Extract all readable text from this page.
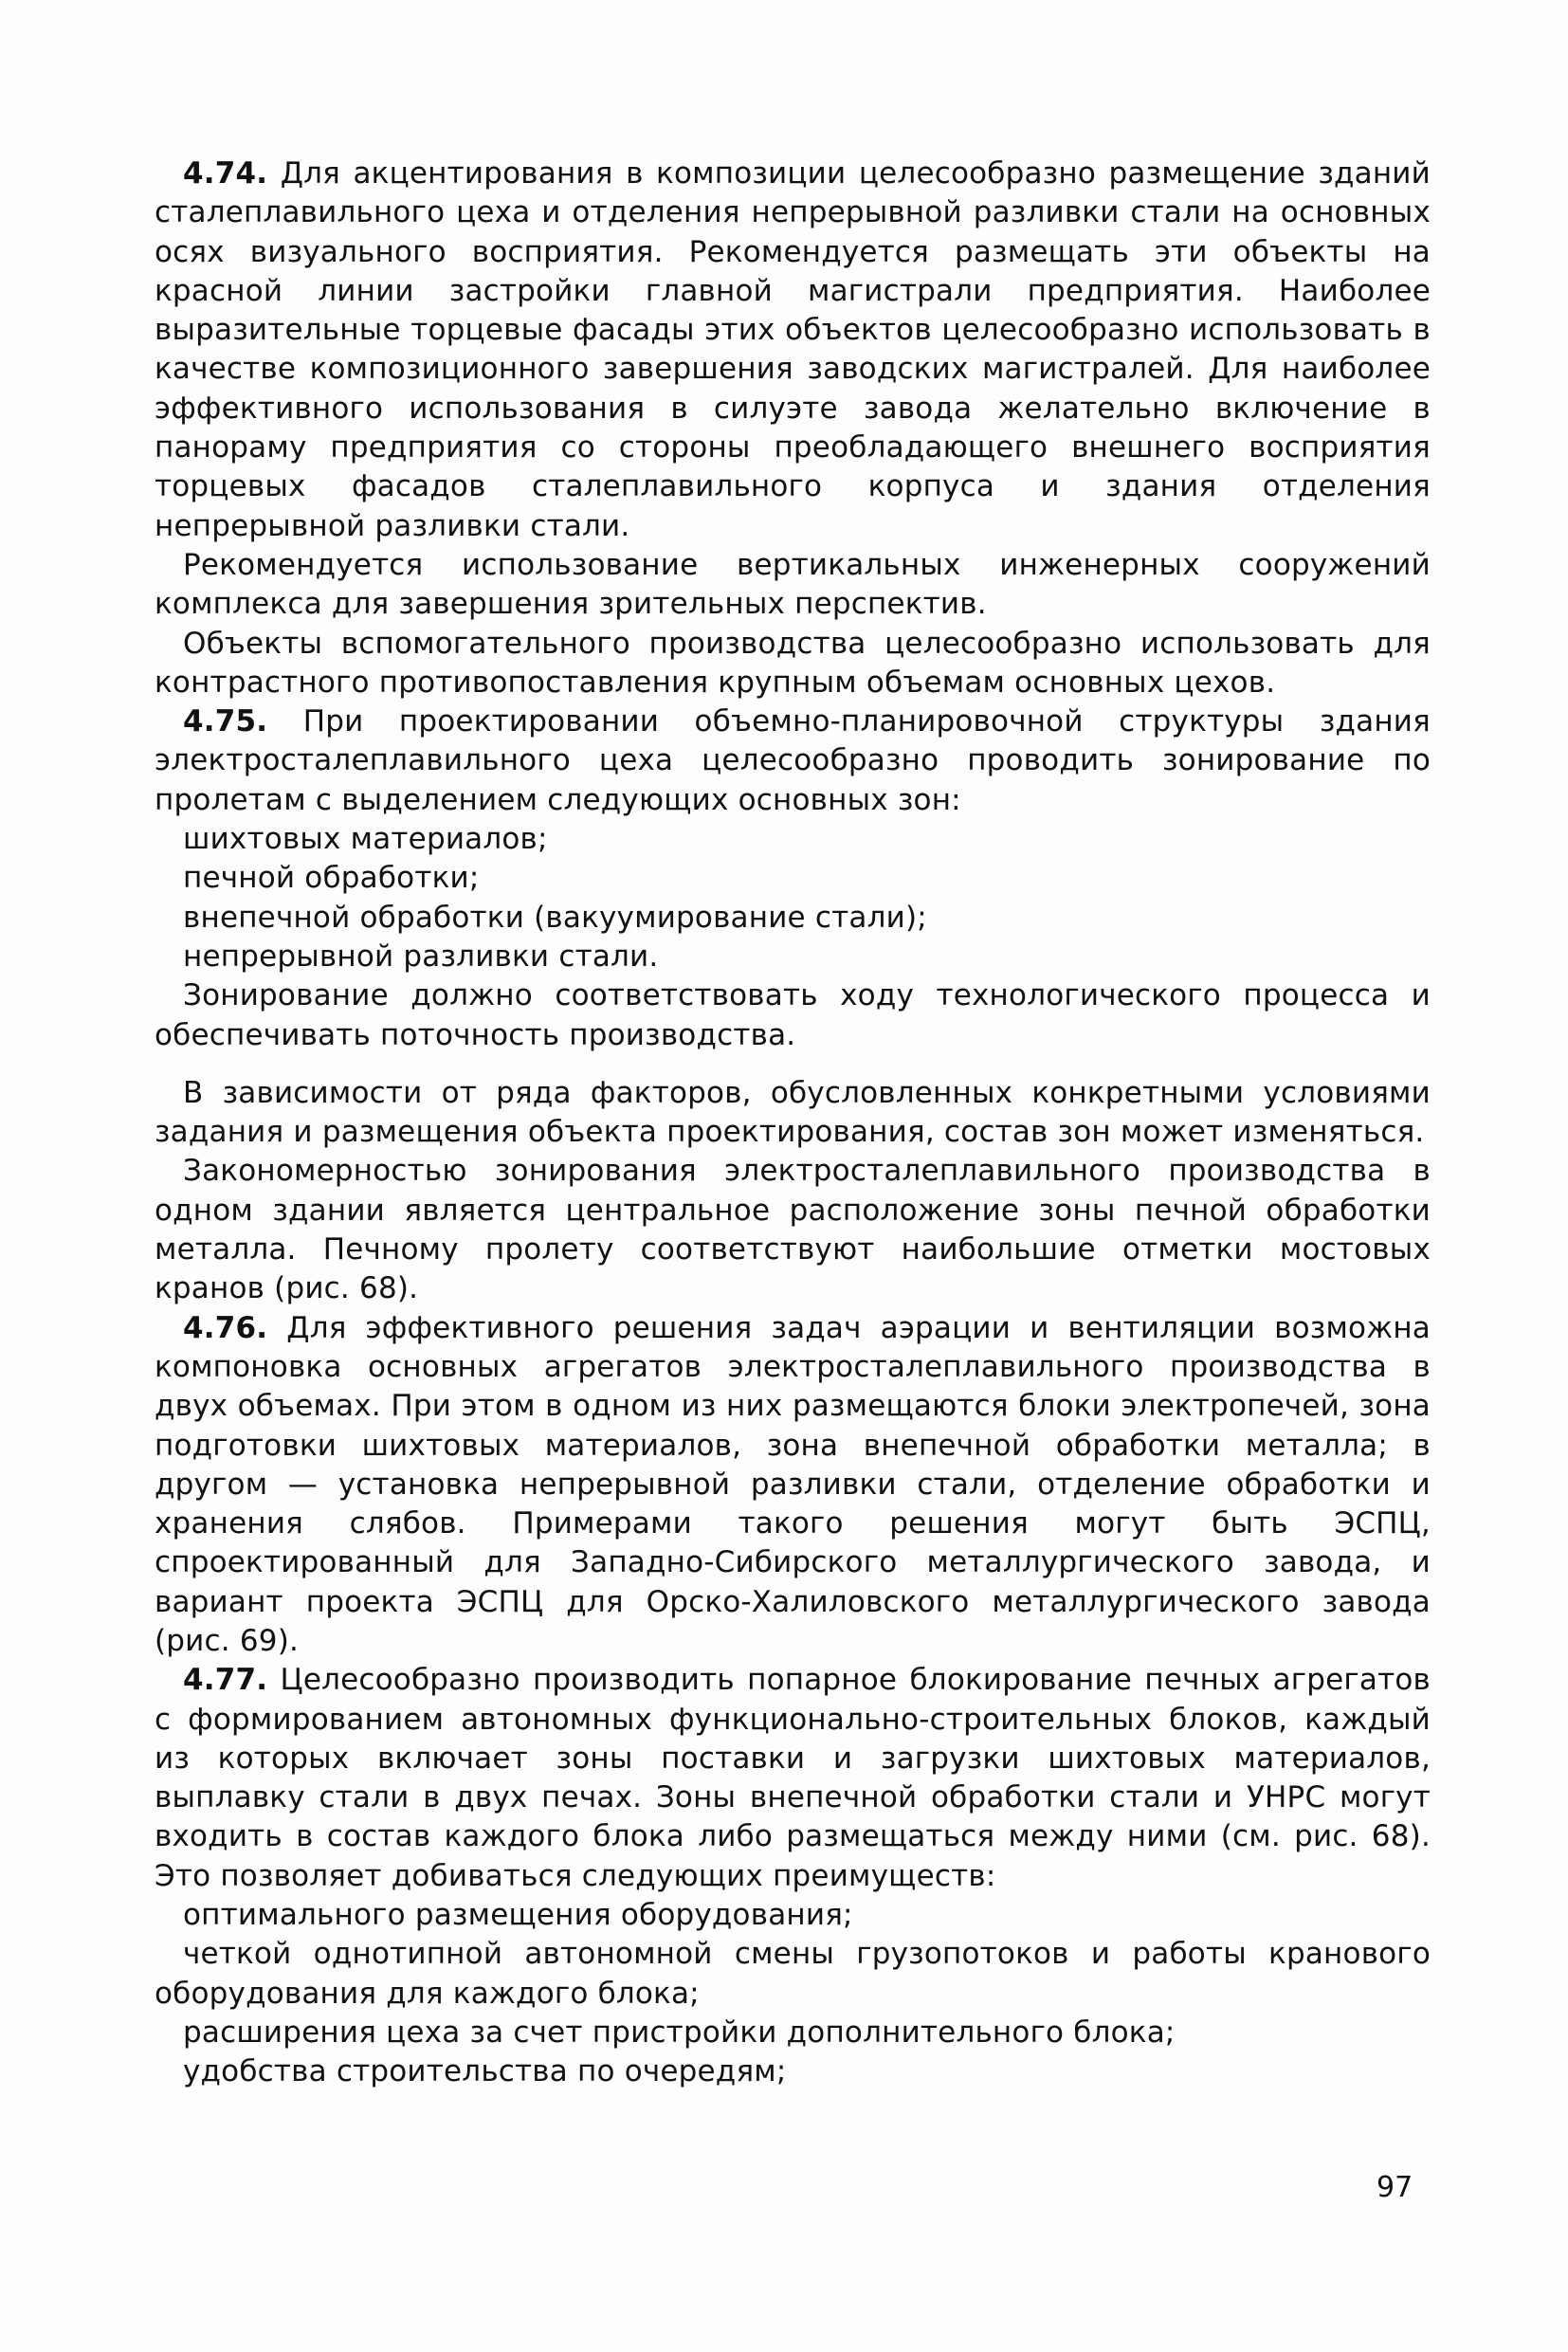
4.74. Для акцентирования в композиции целесообразно размещение зданий сталеплавильного цеха и отделения непрерывной разливки стали на основных осях визуального восприятия. Рекомендуется размещать эти объекты на красной линии застройки главной магистрали предприятия. Наиболее выразительные торцевые фасады этих объектов целесообразно использовать в качестве композиционного завершения заводских магистралей. Для наиболее эффективного использования в силуэте завода желательно включение в панораму предприятия со стороны преобладающего внешнего восприятия торцевых фасадов сталеплавильного корпуса и здания отделения непрерывной разливки стали.

Рекомендуется использование вертикальных инженерных сооружений комплекса для завершения зрительных перспектив.

Объекты вспомогательного производства целесообразно использовать для контрастного противопоставления крупным объемам основных цехов.

4.75. При проектировании объемно-планировочной структуры здания электросталеплавильного цеха целесообразно проводить зонирование по пролетам с выделением следующих основных зон:

шихтовых материалов;

печной обработки;

внепечной обработки (вакуумирование стали);

непрерывной разливки стали.

Зонирование должно соответствовать ходу технологического процесса и обеспечивать поточность производства.

В зависимости от ряда факторов, обусловленных конкретными условиями задания и размещения объекта проектирования, состав зон может изменяться.

Закономерностью зонирования электросталеплавильного производства в одном здании является центральное расположение зоны печной обработки металла. Печному пролету соответствуют наибольшие отметки мостовых кранов (рис. 68).

4.76. Для эффективного решения задач аэрации и вентиляции возможна компоновка основных агрегатов электросталеплавильного производства в двух объемах. При этом в одном из них размещаются блоки электропечей, зона подготовки шихтовых материалов, зона внепечной обработки металла; в другом — установка непрерывной разливки стали, отделение обработки и хранения слябов. Примерами такого решения могут быть ЭСПЦ, спроектированный для Западно-Сибирского металлургического завода, и вариант проекта ЭСПЦ для Орско-Халиловского металлургического завода (рис. 69).

4.77. Целесообразно производить попарное блокирование печных агрегатов с формированием автономных функционально-строительных блоков, каждый из которых включает зоны поставки и загрузки шихтовых материалов, выплавку стали в двух печах. Зоны внепечной обработки стали и УНРС могут входить в состав каждого блока либо размещаться между ними (см. рис. 68). Это позволяет добиваться следующих преимуществ:

оптимального размещения оборудования;

четкой однотипной автономной смены грузопотоков и работы кранового оборудования для каждого блока;

расширения цеха за счет пристройки дополнительного блока;

удобства строительства по очередям;

97
